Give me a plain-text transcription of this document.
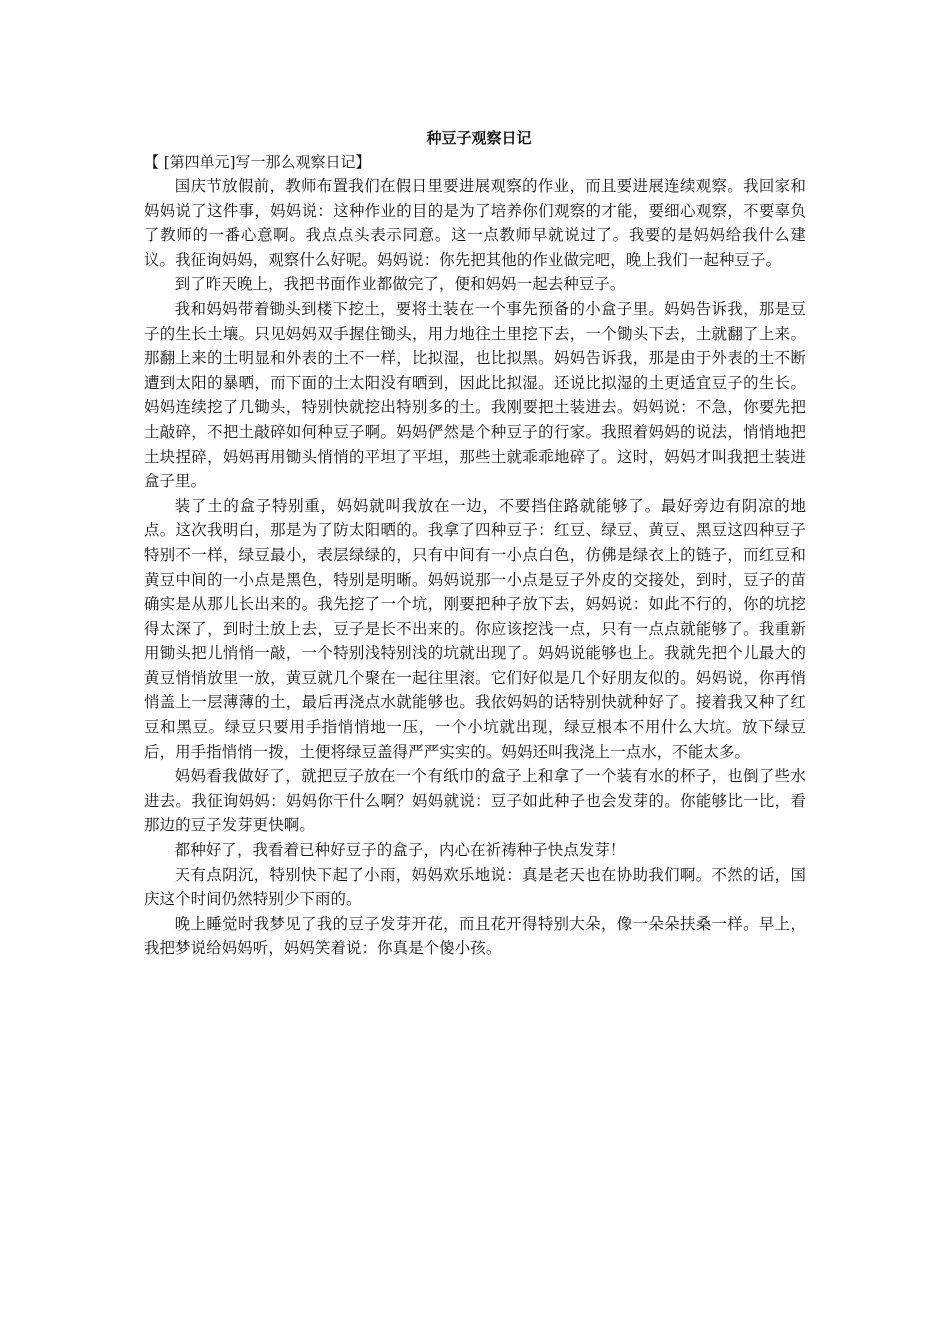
种豆子观察日记

【 [第四单元]写一那么观察日记】

国庆节放假前，教师布置我们在假日里要进展观察的作业，而且要进展连续观察。我回家和妈妈说了这件事，妈妈说：这种作业的目的是为了培养你们观察的才能，要细心观察，不要辜负了教师的一番心意啊。我点点头表示同意。这一点教师早就说过了。我要的是妈妈给我什么建议。我征询妈妈，观察什么好呢。妈妈说：你先把其他的作业做完吧，晚上我们一起种豆子。

到了昨天晚上，我把书面作业都做完了，便和妈妈一起去种豆子。

我和妈妈带着锄头到楼下挖土，要将土装在一个事先预备的小盒子里。妈妈告诉我，那是豆子的生长土壤。只见妈妈双手握住锄头，用力地往土里挖下去，一个锄头下去，土就翻了上来。那翻上来的土明显和外表的土不一样，比拟湿，也比拟黑。妈妈告诉我，那是由于外表的土不断遭到太阳的暴晒，而下面的土太阳没有晒到，因此比拟湿。还说比拟湿的土更适宜豆子的生长。妈妈连续挖了几锄头，特别快就挖出特别多的土。我刚要把土装进去。妈妈说：不急，你要先把土敲碎，不把土敲碎如何种豆子啊。妈妈俨然是个种豆子的行家。我照着妈妈的说法，悄悄地把土块捏碎，妈妈再用锄头悄悄的平坦了平坦，那些土就乖乖地碎了。这时，妈妈才叫我把土装进盒子里。

装了土的盒子特别重，妈妈就叫我放在一边，不要挡住路就能够了。最好旁边有阴凉的地点。这次我明白，那是为了防太阳晒的。我拿了四种豆子：红豆、绿豆、黄豆、黑豆这四种豆子特别不一样，绿豆最小，表层绿绿的，只有中间有一小点白色，仿佛是绿衣上的链子，而红豆和黄豆中间的一小点是黑色，特别是明晰。妈妈说那一小点是豆子外皮的交接处，到时，豆子的苗确实是从那儿长出来的。我先挖了一个坑，刚要把种子放下去，妈妈说：如此不行的，你的坑挖得太深了，到时土放上去，豆子是长不出来的。你应该挖浅一点，只有一点点就能够了。我重新用锄头把儿悄悄一敲，一个特别浅特别浅的坑就出现了。妈妈说能够也上。我就先把个儿最大的黄豆悄悄放里一放，黄豆就几个聚在一起往里滚。它们好似是几个好朋友似的。妈妈说，你再悄悄盖上一层薄薄的土，最后再浇点水就能够也。我依妈妈的话特别快就种好了。接着我又种了红豆和黑豆。绿豆只要用手指悄悄地一压，一个小坑就出现，绿豆根本不用什么大坑。放下绿豆后，用手指悄悄一拨，土便将绿豆盖得严严实实的。妈妈还叫我浇上一点水，不能太多。

妈妈看我做好了，就把豆子放在一个有纸巾的盒子上和拿了一个装有水的杯子，也倒了些水进去。我征询妈妈：妈妈你干什么啊？妈妈就说：豆子如此种子也会发芽的。你能够比一比，看那边的豆子发芽更快啊。

都种好了，我看着已种好豆子的盒子，内心在祈祷种子快点发芽！

天有点阴沉，特别快下起了小雨，妈妈欢乐地说：真是老天也在协助我们啊。不然的话，国庆这个时间仍然特别少下雨的。

晚上睡觉时我梦见了我的豆子发芽开花，而且花开得特别大朵，像一朵朵扶桑一样。早上，我把梦说给妈妈听，妈妈笑着说：你真是个傻小孩。
